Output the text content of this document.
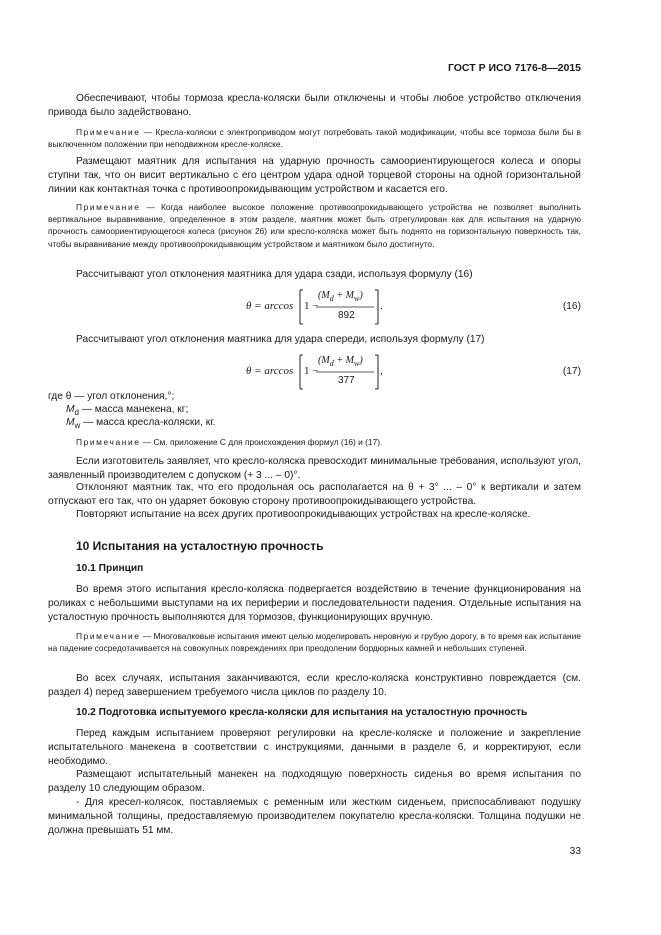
ГОСТ Р ИСО 7176-8—2015
Обеспечивают, чтобы тормоза кресла-коляски были отключены и чтобы любое устройство отключения привода было задействовано.
Примечание — Кресла-коляски с электроприводом могут потребовать такой модификации, чтобы все тормоза были бы в выключенном положении при неподвижном кресле-коляске.
Размещают маятник для испытания на ударную прочность самоориентирующегося колеса и опоры ступни так, что он висит вертикально с его центром удара одной торцевой стороны на одной горизонтальной линии как контактная точка с противоопрокидывающим устройством и касается его.
Примечание — Когда наиболее высокое положение противоопрокидывающего устройства не позволяет выполнить вертикальное выравнивание, определенное в этом разделе, маятник может быть отрегулирован как для испытания на ударную прочность самоориентирующегося колеса (рисунок 26) или кресло-коляска может быть поднято на горизонтальную поверхность так, чтобы выравнивание между противоопрокидывающим устройством и маятником было достигнуто.
Рассчитывают угол отклонения маятника для удара сзади, используя формулу (16)
θ = arccos 1 −
$(M_d + M_w)$
892
.	(16)
Рассчитывают угол отклонения маятника для удара спереди, используя формулу (17)
θ = arccos 1 −
$(M_d + M_w)$
377
,	(17)
где θ — угол отклонения,°;
$M_d$ — масса манекена, кг;
$M_w$ — масса кресла-коляски, кг.
Примечание — См. приложение С для происхождения формул (16) и (17).
Если изготовитель заявляет, что кресло-коляска превосходит минимальные требования, используют угол, заявленный производителем с допуском (+ 3 ... – 0)°.
Отклоняют маятник так, что его продольная ось располагается на θ + 3° ... – 0° к вертикали и затем отпускают его так, что он ударяет боковую сторону противоопрокидывающего устройства.
Повторяют испытание на всех других противоопрокидывающих устройствах на кресле-коляске.
10 Испытания на усталостную прочность
10.1 Принцип
Во время этого испытания кресло-коляска подвергается воздействию в течение функционирования на роликах с небольшими выступами на их периферии и последовательности падения. Отдельные испытания на усталостную прочность выполняются для тормозов, функционирующих вручную.
Примечание — Многовалковые испытания имеют целью моделировать неровную и грубую дорогу, в то время как испытание на падение сосредотачивается на совокупных повреждениях при преодолении бордюрных камней и небольших ступеней.
Во всех случаях, испытания заканчиваются, если кресло-коляска конструктивно повреждается (см. раздел 4) перед завершением требуемого числа циклов по разделу 10.
10.2 Подготовка испытуемого кресла-коляски для испытания на усталостную прочность
Перед каждым испытанием проверяют регулировки на кресле-коляске и положение и закрепление испытательного манекена в соответствии с инструкциями, данными в разделе 6, и корректируют, если необходимо.
Размещают испытательный манекен на подходящую поверхность сиденья во время испытания по разделу 10 следующим образом.
- Для кресел-колясок, поставляемых с ременным или жестким сиденьем, приспосабливают подушку минимальной толщины, предоставляемую производителем покупателю кресла-коляски. Толщина подушки не должна превышать 51 мм.
33
